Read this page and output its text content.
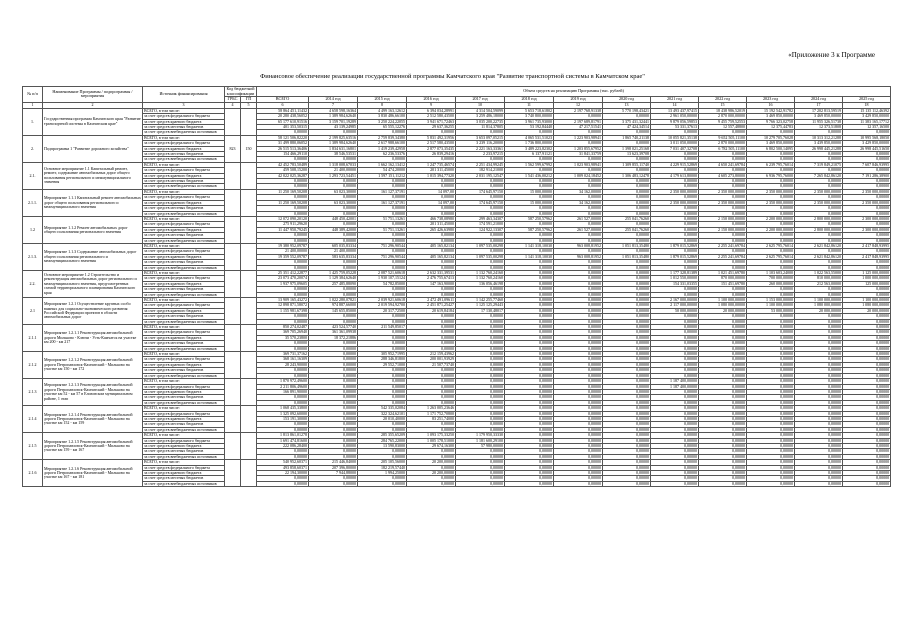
«Приложение 3 к Программе
Финансовое обеспечение реализации государственной программы Камчатского края "Развитие транспортной системы в Камчатском крае"
№ п/п	Наименование Программы / подпрограммы / мероприятия	Источник финансирования	Код бюджетной классификации		Объем средств на реализацию Программы (тыс. рублей)												
			ГРБС	ГП	ВСЕГО	2014 год	2015 год	2016 год	2017 год	2018 год	2019 год	2020 год	2021 год	2022 год	2023 год	2024 год	2025 год
1	2	3	4	5	6	7	8	9	10	11	12	13	14	15	16	17	18
1.	Государственная программа Камчатского края "Развитие транспортной системы в Камчатском крае"	ВСЕГО, в том числе:			58 864 451,11432	4 658 598,16364	4 499 163,12612	6 394 034,28991	4 314 504,59099	5 653 718,61802	2 197 768,91338	5 770 198,43421	13 493 437,97415	18 438 986,52019	15 192 542,91782	17 202 813,59519	15 135 112,46392
		за счет средств федерального бюджета			20 280 438,56052	1 389 984,62640	3 830 486,66100	2 512 580,43500	3 259 486,18000	3 740 800,00000	0,00000	0,00000	2 961 050,00000	2 870 000,00000	3 469 850,00000	3 469 850,00000	3 429 850,00000
		за счет средств краевого бюджета			65 177 610,91516	3 159 701,19289	3 250 224,22055	3 941 671,72463	3 035 200,22735	3 961 735,93000	2 197 689,81791	3 375 431,32441	9 879 056,59853	9 455 759,52553	9 766 323,02758	11 955 326,51738	11 383 165,17712
		за счет средств местных бюджетов			401 353,50315	43 139,24985	65 555,12276	29 637,36255	11 814,37805	53 192,84440	47 217,51541	47 424,34514	53 331,37613	12 557,48800	12 375,44783	12 373,51808	12 357,16500
		за счет средств внебюджетных источников			0,00000	0,00000	0,00000	0,00000	0,00000	0,00000	0,00000	0,00000	0,00000	0,00000	0,00000	0,00000	0,00000
2.	Подпрограмма 1 "Развитие дорожного хозяйства"	ВСЕГО, в том числе:	823	150	58 121 506,82220	2 199 825,63516	2 759 839,34380	5 831 492,31956	3 653 097,05215	4 065 531,51023	1 223 903,98941	1 865 740,21138	10 055 821,35138	9 652 505,11100	10 279 705,76028	10 313 312,21288	10 995 568,18050
		за счет средств федерального бюджета			31 499 880,06052	1 389 984,62640	2 617 988,66100	2 517 580,43500	3 239 116,20000	1 736 800,00000	0,00000	0,00000	3 011 050,00000	2 870 000,00000	3 469 850,00000	3 439 850,00000	3 429 850,00000
		за счет средств краевого бюджета			26 515 513,36406	1 834 631,16801	1 419 239,42958	2 877 073,35435	2 221 163,33361	3 489 223,82302	1 203 855,67952	1 398 021,25168	7 031 407,32708	6 782 505,11100	6 802 500,14095	26 998 445,21288	26 998 445,51650
		за счет средств местных бюджетов			154 466,29110	38 546,53531	62 236,53376	26 839,29416	2 233,97215	6 137,91121	31 841,33759	13 623,39708	0,00000	0,00000	0,00000	0,00000	0,00000
		за счет средств внебюджетных источников			0,00000	0,00000	0,00000	0,00000	0,00000	0,00000	0,00000	0,00000	0,00000	0,00000	0,00000	0,00000	0,00000
2.1.	Основное мероприятие 1.1 Капитальный ремонт, ремонт, содержание автомобильных дорог общего пользования регионального и межмуниципального значения	ВСЕГО, в том числе:			42 452 783,50489	1 318 008,67033	1 662 162,13412	1 247 735,46574	2 251 434,99245	1 562 599,67992	1 023 903,98941	1 309 855,11740	4 229 915,52869	4 650 241,69784	6 239 795,76014	7 319 849,21075	7 607 846,93995
		за счет средств федерального бюджета			459 508,15200	21 400,00000	54 474,20000	201 311,45000	182 914,21000	0,00000	0,00000	0,00000	0,00000	0,00000	0,00000	0,00000	0,00000
		за счет средств краевого бюджета			42 022 025,36287	1 293 723,54451	1 597 151,11212	1 015 394,77320	2 031 195,12547	1 541 436,00212	1 009 024,18452	1 306 483,12478	4 179 613,80000	4 605 273,80000	6 936 795,76000	7 265 842,86120	7 191 286,38900
		за счет средств местных бюджетов			0,00000	0,00000	0,00000	0,00000	0,00000	0,00000	0,00000	0,00000	0,00000	0,00000	0,00000	0,00000	0,00000
		за счет средств внебюджетных источников			0,00000	0,00000	0,00000	0,00000	0,00000	0,00000	0,00000	0,00000	0,00000	0,00000	0,00000	0,00000	0,00000
2.1.1.	Мероприятие 1.1.1 Капитальный ремонт автомобильных дорог общего пользования регионального и межмуниципального значения	ВСЕГО, в том числе:			11 250 169,50208	63 023,30000	161 127,37191	14 097,00	174 645,97150	15 000,00000	34 162,00000	0,00000	2 350 000,00000	2 350 000,00000	2 350 000,00000	2 350 000,00000	2 350 000,00000
		за счет средств федерального бюджета			0,00000	0,00000	0,00000	0,00000	0,00000	0,00000	0,00000	0,00000	0,00000	0,00000	0,00000	0,00000	0,00000
		за счет средств краевого бюджета			11 250 169,50208	63 023,30000	161 127,37191	14 097,00	174 645,97150	15 000,00000	34 162,00000	0,00000	2 350 000,00000	2 350 000,00000	2 350 000,00000	2 350 000,00000	2 350 000,00000
		за счет средств местных бюджетов			0,00000	0,00000	0,00000	0,00000	0,00000	0,00000	0,00000	0,00000	0,00000	0,00000	0,00000	0,00000	0,00000
		за счет средств внебюджетных источников			0,00000	0,00000	0,00000	0,00000	0,00000	0,00000	0,00000	0,00000	0,00000	0,00000	0,00000	0,00000	0,00000
1.2	Мероприятие 1.1.2 Ремонт автомобильных дорог общего пользования регионального значения	ВСЕГО, в том числе:			12 072 090,20120	448 450,42001	51 751,13261	466 738,08980	299 463,34307	587 250,57962	261 527,00000	255 041,76260	0,00000	2 150 000,00000	2 200 000,00000	2 800 000,00000	2 300 000,00000
		за счет средств федерального бюджета			275 911,29620	0,00000	0,00000	201 311,45000	174 591,21000	0,00000	0,00000	0,00000	0,00000	0,00000	0,00000	0,00000	0,00000
		за счет средств краевого бюджета			11 447 950,79245	448 389,42000	51 751,13261	265 426,63980	124 922,13307	587 250,57962	261 527,00000	255 041,76260	0,00000	2 150 000,00000	2 200 000,00000	2 800 000,00000	2 300 000,00000
		за счет средств местных бюджетов			0,00000	0,00000	0,00000	0,00000	0,00000	0,00000	0,00000	0,00000	0,00000	0,00000	0,00000	0,00000	0,00000
		за счет средств внебюджетных источников			0,00000	0,00000	0,00000	0,00000	0,00000	0,00000	0,00000	0,00000	0,00000	0,00000	0,00000	0,00000	0,00000
2.1.3.	Мероприятие 1.1.3 Содержание автомобильных дорог общего пользования регионального и межмуниципального значения	ВСЕГО, в том числе:			19 380 952,09787	605 035,83334	751 296,90544	405 165,82134	1 097 535,00298	1 141 318,10030	963 008,81952	1 051 813,35480	1 879 015,52869	2 255 241,69784	2 625 795,76014	2 621 842,86120	2 417 848,93995
		за счет средств федерального бюджета			21 400,00000	21 400,00000	0,00000	0,00000	0,00000	0,00000	0,00000	0,00000	0,00000	0,00000	0,00000	0,00000	0,00000
		за счет средств краевого бюджета			19 359 552,09787	583 635,83334	751 296,90544	405 165,82134	1 097 535,00298	1 141 318,10030	963 008,81952	1 051 813,35480	1 879 015,52869	2 255 241,69784	2 625 795,76014	2 621 842,86120	2 417 848,93995
		за счет средств местных бюджетов			0,00000	0,00000	0,00000	0,00000	0,00000	0,00000	0,00000	0,00000	0,00000	0,00000	0,00000	0,00000	0,00000
		за счет средств внебюджетных источников			0,00000	0,00000	0,00000	0,00000	0,00000	0,00000	0,00000	0,00000	0,00000	0,00000	0,00000	0,00000	0,00000
2.2.	Основное мероприятие 1.2 Строительство и реконструкция автомобильных дорог регионального и межмуниципального значения, предусмотренных схемой территориального планирования Камчатского края	ВСЕГО, в том числе:			25 351 412,22877	1 425 759,05228	2 087 521,60618	2 632 331,39531	1 132 760,24160	0,00000	0,00000	0,00000	1 177 328,81389	1 021 451,69780	1 103 603,24000	1 022 563,55000	1 125 000,00000
		за счет средств федерального бюджета			23 073 470,20074	1 129 384,62640	1 930 107,15124	2 476 755,67413	1 132 760,24160	0,00000	0,00000	0,00000	1 012 550,00000	870 000,00000	700 000,00000	810 000,00000	1 000 000,00000
		за счет средств краевого бюджета			1 937 975,09605	257 485,88090	54 782,85000	147 163,90000	136 056,46198	0,00000	0,00000	0,00000	154 331,03355	151 451,69780	260 000,00000	212 563,00000	125 000,00000
		за счет средств местных бюджетов			0,00000	0,00000	0,00000	0,00000	0,00000	0,00000	0,00000	0,00000	0,00000	0,00000	0,00000	0,00000	0,00000
		за счет средств внебюджетных источников			0,00000	0,00000	0,00000	0,00000	0,00000	0,00000	0,00000	0,00000	0,00000	0,00000	0,00000	0,00000	0,00000
2.1	Мероприятие 1.2.1 Осуществление крупных особо важных для социально-экономического развития Российской Федерации проектов в области автомобильных дорог	ВСЕГО, в том числе:			13 909 165,43272	1 022 280,07821	2 039 921,60618	2 472 491,09611	1 142 255,77460	0,00000	0,00000	0,00000	2 167 000,00000	1 100 000,00000	1 153 000,00000	1 100 000,00000	1 100 000,00000
		за счет средств федерального бюджета			12 898 871,58072	974 887,66000	2 019 594,92700	2 451 871,25427	1 125 125,29443	0,00000	0,00000	0,00000	2 117 000,00000	1 080 000,00000	1 100 000,00000	1 080 000,00000	1 080 000,00000
		за счет средств краевого бюджета			1 155 981,67398	145 655,85000	20 317,72500	20 619,84184	17 130,48017	0,00000	0,00000	0,00000	50 000,00000	20 000,00000	53 000,00000	20 000,00000	20 000,00000
		за счет средств местных бюджетов			0,00000	0,00000	0,00000	0,00000	0,00000	0,00000	0,00000	0,00000	0,00000	0,00000	0,00000	0,00000	0,00000
		за счет средств внебюджетных источников			0,00000	0,00000	0,00000	0,00000	0,00000	0,00000	0,00000	0,00000	0,00000	0,00000	0,00000	0,00000	0,00000
2.1.1	Мероприятие 1.2.1.1 Реконструкция автомобильной дороги Мильково - Ключи - Усть-Камчатск на участке км 200 - км 217	ВСЕГО, в том числе:			850 274,02487	423 524,57740	211 549,85017	0,00000	0,00000	0,00000	0,00000	0,00000	0,00000	0,00000	0,00000	0,00000	0,00000
		за счет средств федерального бюджета			369 705,26940	361 361,09938	0,00000	0,00000	0,00000	0,00000	0,00000	0,00000	0,00000	0,00000	0,00000	0,00000	0,00000
		за счет средств краевого бюджета			35 570,23800	18 372,21886	0,00000	0,00000	0,00000	0,00000	0,00000	0,00000	0,00000	0,00000	0,00000	0,00000	0,00000
		за счет средств местных бюджетов			0,00000	0,00000	0,00000	0,00000	0,00000	0,00000	0,00000	0,00000	0,00000	0,00000	0,00000	0,00000	0,00000
		за счет средств внебюджетных источников			0,00000	0,00000	0,00000	0,00000	0,00000	0,00000	0,00000	0,00000	0,00000	0,00000	0,00000	0,00000	0,00000
2.1.2	Мероприятие 1.2.1.2 Реконструкция автомобильной дороги Петропавловск-Камчатский - Мильково на участке км 150 - км 172	ВСЕГО, в том числе:			369 731,37162	0,00000	305 952,71995	212 159,43962	0,00000	0,00000	0,00000	0,00000	0,00000	0,00000	0,00000	0,00000	0,00000
		за счет средств федерального бюджета			368 161,16309	0,00000	288 346,81800	200 001,93929	0,00000	0,00000	0,00000	0,00000	0,00000	0,00000	0,00000	0,00000	0,00000
		за счет средств краевого бюджета			28 243,90000	0,00000	29 552,71000	21 507,73740	0,00000	0,00000	0,00000	0,00000	0,00000	0,00000	0,00000	0,00000	0,00000
		за счет средств местных бюджетов			0,00000	0,00000	0,00000	0,00000	0,00000	0,00000	0,00000	0,00000	0,00000	0,00000	0,00000	0,00000	0,00000
		за счет средств внебюджетных источников			0,00000	0,00000	0,00000	0,00000	0,00000	0,00000	0,00000	0,00000	0,00000	0,00000	0,00000	0,00000	0,00000
2.1.3	Мероприятие 1.2.1.3 Реконструкция автомобильной дороги Петропавловск-Камчатский - Мильково на участке км 52 - км 57 в Елизовском муниципальном районе, 1 этап	ВСЕГО, в том числе:			1 870 972,49600	0,00000	0,00000	0,00000	0,00000	0,00000	0,00000	0,00000	1 187 400,00000	0,00000	0,00000	0,00000	0,00000
		за счет средств федерального бюджета			2 211 806,49600	0,00000	0,00000	0,00000	0,00000	0,00000	0,00000	0,00000	1 187 400,00000	0,00000	0,00000	0,00000	0,00000
		за счет средств краевого бюджета			166 891,90000	0,00000	0,00000	0,00000	0,00000	0,00000	0,00000	0,00000	0,00000	0,00000	0,00000	0,00000	0,00000
		за счет средств местных бюджетов			0,00000	0,00000	0,00000	0,00000	0,00000	0,00000	0,00000	0,00000	0,00000	0,00000	0,00000	0,00000	0,00000
		за счет средств внебюджетных источников			0,00000	0,00000	0,00000	0,00000	0,00000	0,00000	0,00000	0,00000	0,00000	0,00000	0,00000	0,00000	0,00000
2.1.4	Мероприятие 1.2.1.4 Реконструкция автомобильной дороги Петропавловск-Камчатский - Мильково на участке км 152 - км 159	ВСЕГО, в том числе:			1 068 435,33800	0,00000	542 335,02084	1 263 005,23646	0,00000	0,00000	0,00000	0,00000	0,00000	0,00000	0,00000	0,00000	0,00000
		за счет средств федерального бюджета			1 325 092,60000	0,00000	322 324,62101	1 171 752,70800	0,00000	0,00000	0,00000	0,00000	0,00000	0,00000	0,00000	0,00000	0,00000
		за счет средств краевого бюджета			153 191,30000	0,00000	20 010,40000	83 251,74000	0,00000	0,00000	0,00000	0,00000	0,00000	0,00000	0,00000	0,00000	0,00000
		за счет средств местных бюджетов			0,00000	0,00000	0,00000	0,00000	0,00000	0,00000	0,00000	0,00000	0,00000	0,00000	0,00000	0,00000	0,00000
		за счет средств внебюджетных источников			0,00000	0,00000	0,00000	0,00000	0,00000	0,00000	0,00000	0,00000	0,00000	0,00000	0,00000	0,00000	0,00000
2.1.5	Мероприятие 1.2.1.5 Реконструкция автомобильной дороги Петропавловск-Камчатский - Мильково на участке км 159 - км 167	ВСЕГО, в том числе:			1 813 861,01278	0,00000	285 355,65209	1 093 175,33250	1 179 950,33330	0,00000	0,00000	0,00000	0,00000	0,00000	0,00000	0,00000	0,00000
		за счет средств федерального бюджета			1 691 474,81600	0,00000	284 765,22000	1 005 178,51000	1 181 600,29100	0,00000	0,00000	0,00000	0,00000	0,00000	0,00000	0,00000	0,00000
		за счет средств краевого бюджета			222 086,28400	0,00000	13 590,83000	29 674,16300	57 980,00000	0,00000	0,00000	0,00000	0,00000	0,00000	0,00000	0,00000	0,00000
		за счет средств местных бюджетов			0,00000	0,00000	0,00000	0,00000	0,00000	0,00000	0,00000	0,00000	0,00000	0,00000	0,00000	0,00000	0,00000
		за счет средств внебюджетных источников			0,00000	0,00000	0,00000	0,00000	0,00000	0,00000	0,00000	0,00000	0,00000	0,00000	0,00000	0,00000	0,00000
2.1.6	Мероприятие 1.2.1.6 Реконструкция автомобильной дороги Петропавловск-Камчатский - Мильково на участке км 167 - км 181	ВСЕГО, в том числе:			540 952,60371	215 446,84000	205 105,56000	20 200,00000	0,00000	0,00000	0,00000	0,00000	0,00000	0,00000	0,00000	0,00000	0,00000
		за счет средств федерального бюджета			493 858,60371	207 396,80000	182 219,57440	0,00000	0,00000	0,00000	0,00000	0,00000	0,00000	0,00000	0,00000	0,00000	0,00000
		за счет средств краевого бюджета			22 194,30000	7 944,88000	1 994,25000	20 200,00000	0,00000	0,00000	0,00000	0,00000	0,00000	0,00000	0,00000	0,00000	0,00000
		за счет средств местных бюджетов			0,00000	0,00000	0,00000	0,00000	0,00000	0,00000	0,00000	0,00000	0,00000	0,00000	0,00000	0,00000	0,00000
		за счет средств внебюджетных источников			0,00000	0,00000	0,00000	0,00000	0,00000	0,00000	0,00000	0,00000	0,00000	0,00000	0,00000	0,00000	0,00000
